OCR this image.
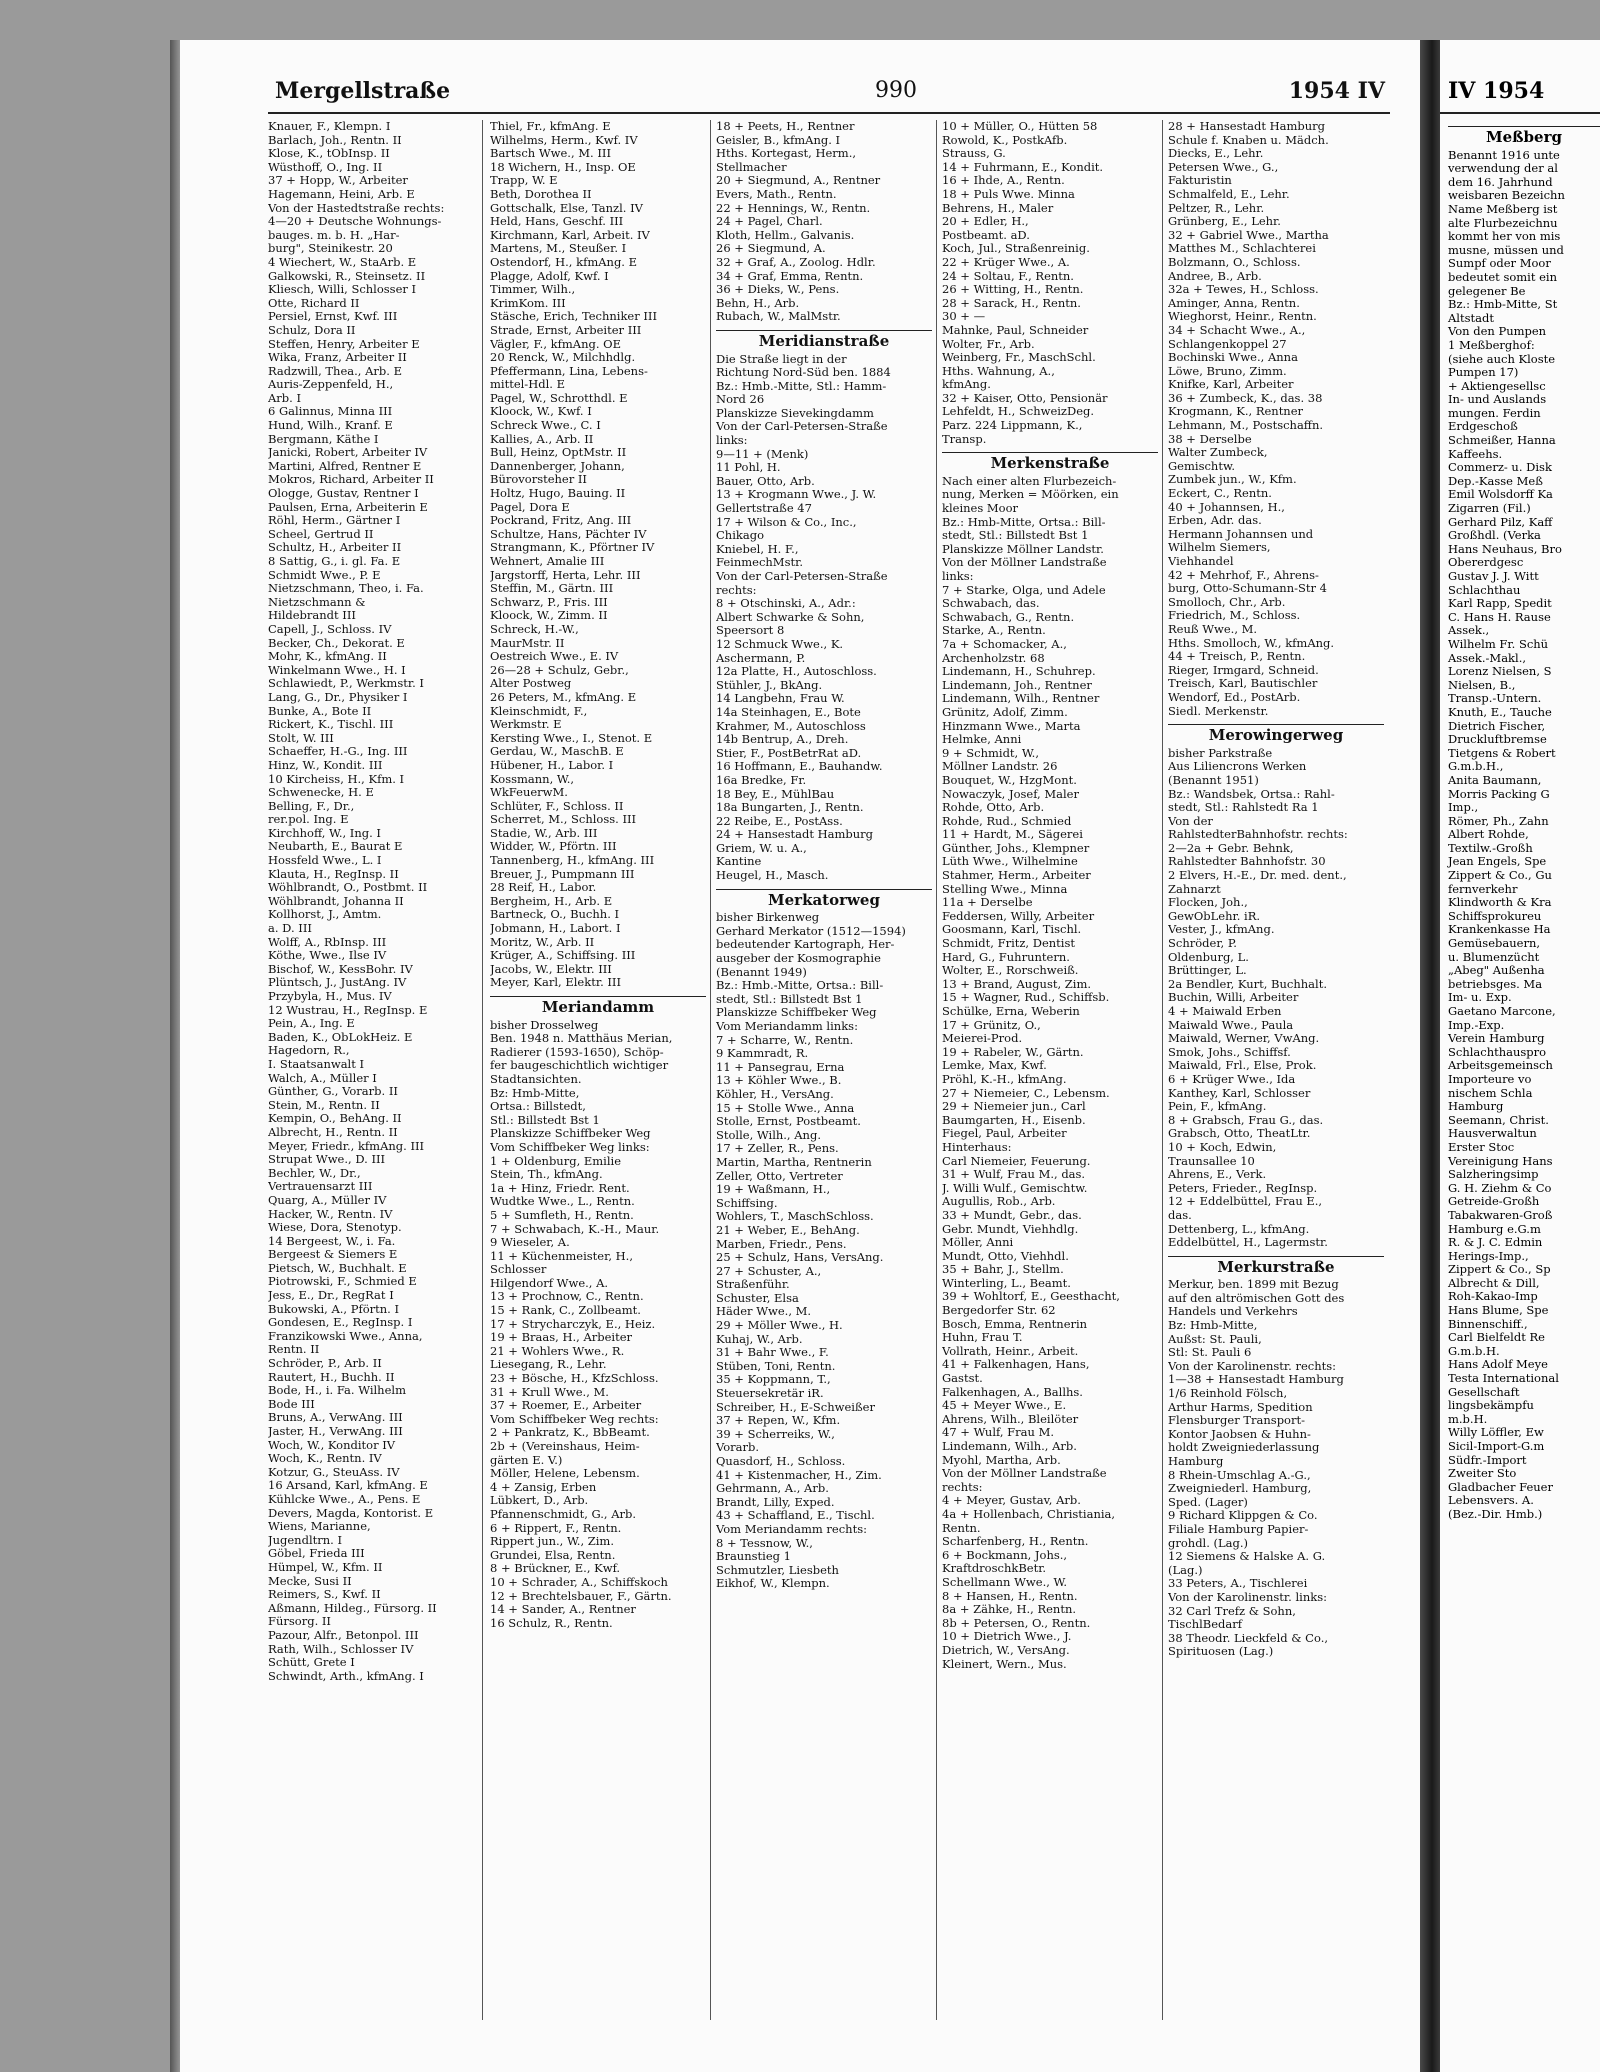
Mergellstraße	990	1954 IV
Knauer, F., Klempn. I
Barlach, Joh., Rentn. II
Klose, K., tObInsp. II
Wüsthoff, O., Ing. II
37 + Hopp, W., Arbeiter
Hagemann, Heini, Arb. E
Von der Hastedtstraße rechts:
4—20 + Deutsche Wohnungs-
bauges. m. b. H. „Har-
burg", Steinikestr. 20
4 Wiechert, W., StaArb. E
Galkowski, R., Steinsetz. II
Kliesch, Willi, Schlosser I
Otte, Richard II
Persiel, Ernst, Kwf. III
Schulz, Dora II
Steffen, Henry, Arbeiter E
Wika, Franz, Arbeiter II
Radzwill, Thea., Arb. E
Auris-Zeppenfeld, H.,
Arb. I
6 Galinnus, Minna III
Hund, Wilh., Kranf. E
Bergmann, Käthe I
Janicki, Robert, Arbeiter IV
Martini, Alfred, Rentner E
Mokros, Richard, Arbeiter II
Ologge, Gustav, Rentner I
Paulsen, Erna, Arbeiterin E
Röhl, Herm., Gärtner I
Scheel, Gertrud II
Schultz, H., Arbeiter II
8 Sattig, G., i. gl. Fa. E
Schmidt Wwe., P. E
Nietzschmann, Theo, i. Fa.
Nietzschmann &
Hildebrandt III
Capell, J., Schloss. IV
Becker, Ch., Dekorat. E
Mohr, K., kfmAng. II
Winkelmann Wwe., H. I
Schlawiedt, P., Werkmstr. I
Lang, G., Dr., Physiker I
Bunke, A., Bote II
Rickert, K., Tischl. III
Stolt, W. III
Schaeffer, H.-G., Ing. III
Hinz, W., Kondit. III
10 Kircheiss, H., Kfm. I
Schwenecke, H. E
Belling, F., Dr.,
rer.pol. Ing. E
Kirchhoff, W., Ing. I
Neubarth, E., Baurat E
Hossfeld Wwe., L. I
Klauta, H., RegInsp. II
Wöhlbrandt, O., Postbmt. II
Wöhlbrandt, Johanna II
Kollhorst, J., Amtm.
a. D. III
Wolff, A., RbInsp. III
Köthe, Wwe., Ilse IV
Bischof, W., KessBohr. IV
Plüntsch, J., JustAng. IV
Przybyla, H., Mus. IV
12 Wustrau, H., RegInsp. E
Pein, A., Ing. E
Baden, K., ObLokHeiz. E
Hagedorn, R.,
I. Staatsanwalt I
Walch, A., Müller I
Günther, G., Vorarb. II
Stein, M., Rentn. II
Kempin, O., BehAng. II
Albrecht, H., Rentn. II
Meyer, Friedr., kfmAng. III
Strupat Wwe., D. III
Bechler, W., Dr.,
Vertrauensarzt III
Quarg, A., Müller IV
Hacker, W., Rentn. IV
Wiese, Dora, Stenotyp.
14 Bergeest, W., i. Fa.
Bergeest & Siemers E
Pietsch, W., Buchhalt. E
Piotrowski, F., Schmied E
Jess, E., Dr., RegRat I
Bukowski, A., Pförtn. I
Gondesen, E., RegInsp. I
Franzikowski Wwe., Anna,
Rentn. II
Schröder, P., Arb. II
Rautert, H., Buchh. II
Bode, H., i. Fa. Wilhelm
Bode III
Bruns, A., VerwAng. III
Jaster, H., VerwAng. III
Woch, W., Konditor IV
Woch, K., Rentn. IV
Kotzur, G., SteuAss. IV
16 Arsand, Karl, kfmAng. E
Kühlcke Wwe., A., Pens. E
Devers, Magda, Kontorist. E
Wiens, Marianne,
Jugendltrn. I
Göbel, Frieda III
Hümpel, W., Kfm. II
Mecke, Susi II
Reimers, S., Kwf. II
Aßmann, Hildeg., Fürsorg. II
Fürsorg. II
Pazour, Alfr., Betonpol. III
Rath, Wilh., Schlosser IV
Schütt, Grete I
Schwindt, Arth., kfmAng. I
Thiel, Fr., kfmAng. E
Wilhelms, Herm., Kwf. IV
Bartsch Wwe., M. III
18 Wichern, H., Insp. OE
Trapp, W. E
Beth, Dorothea II
Gottschalk, Else, Tanzl. IV
Held, Hans, Geschf. III
Kirchmann, Karl, Arbeit. IV
Martens, M., Steußer. I
Ostendorf, H., kfmAng. E
Plagge, Adolf, Kwf. I
Timmer, Wilh.,
KrimKom. III
Stäsche, Erich, Techniker III
Strade, Ernst, Arbeiter III
Vägler, F., kfmAng. OE
20 Renck, W., Milchhdlg.
Pfeffermann, Lina, Lebens-
mittel-Hdl. E
Pagel, W., Schrotthdl. E
Kloock, W., Kwf. I
Schreck Wwe., C. I
Kallies, A., Arb. II
Bull, Heinz, OptMstr. II
Dannenberger, Johann,
Bürovorsteher II
Holtz, Hugo, Bauing. II
Pagel, Dora E
Pockrand, Fritz, Ang. III
Schultze, Hans, Pächter IV
Strangmann, K., Pförtner IV
Wehnert, Amalie III
Jargstorff, Herta, Lehr. III
Steffin, M., Gärtn. III
Schwarz, P., Fris. III
Kloock, W., Zimm. II
Schreck, H.-W.,
MaurMstr. II
Oestreich Wwe., E. IV
26—28 + Schulz, Gebr.,
Alter Postweg
26 Peters, M., kfmAng. E
Kleinschmidt, F.,
Werkmstr. E
Kersting Wwe., I., Stenot. E
Gerdau, W., MaschB. E
Hübener, H., Labor. I
Kossmann, W.,
WkFeuerwM.
Schlüter, F., Schloss. II
Scherret, M., Schloss. III
Stadie, W., Arb. III
Widder, W., Pförtn. III
Tannenberg, H., kfmAng. III
Breuer, J., Pumpmann III
28 Reif, H., Labor.
Bergheim, H., Arb. E
Bartneck, O., Buchh. I
Jobmann, H., Labort. I
Moritz, W., Arb. II
Krüger, A., Schiffsing. III
Jacobs, W., Elektr. III
Meyer, Karl, Elektr. III
Meriandamm
bisher Drosselweg
Ben. 1948 n. Matthäus Merian,
Radierer (1593-1650), Schöp-
fer baugeschichtlich wichtiger
Stadtansichten.
Bz: Hmb-Mitte,
Ortsa.: Billstedt,
Stl.: Billstedt Bst 1
Planskizze Schiffbeker Weg
Vom Schiffbeker Weg links:
1 + Oldenburg, Emilie
Stein, Th., kfmAng.
1a + Hinz, Friedr. Rent.
Wudtke Wwe., L., Rentn.
5 + Sumfleth, H., Rentn.
7 + Schwabach, K.-H., Maur.
9 Wieseler, A.
11 + Küchenmeister, H.,
Schlosser
Hilgendorf Wwe., A.
13 + Prochnow, C., Rentn.
15 + Rank, C., Zollbeamt.
17 + Strycharczyk, E., Heiz.
19 + Braas, H., Arbeiter
21 + Wohlers Wwe., R.
Liesegang, R., Lehr.
23 + Bösche, H., KfzSchloss.
31 + Krull Wwe., M.
37 + Roemer, E., Arbeiter
Vom Schiffbeker Weg rechts:
2 + Pankratz, K., BbBeamt.
2b + (Vereinshaus, Heim-
gärten E. V.)
Möller, Helene, Lebensm.
4 + Zansig, Erben
Lübkert, D., Arb.
Pfannenschmidt, G., Arb.
6 + Rippert, F., Rentn.
Rippert jun., W., Zim.
Grundei, Elsa, Rentn.
8 + Brückner, E., Kwf.
10 + Schrader, A., Schiffskoch
12 + Brechtelsbauer, F., Gärtn.
14 + Sander, A., Rentner
16 Schulz, R., Rentn.
18 + Peets, H., Rentner
Geisler, B., kfmAng. I
Hths. Kortegast, Herm.,
Stellmacher
20 + Siegmund, A., Rentner
Evers, Math., Rentn.
22 + Hennings, W., Rentn.
24 + Pagel, Charl.
Kloth, Hellm., Galvanis.
26 + Siegmund, A.
32 + Graf, A., Zoolog. Hdlr.
34 + Graf, Emma, Rentn.
36 + Dieks, W., Pens.
Behn, H., Arb.
Rubach, W., MalMstr.
Meridianstraße
Die Straße liegt in der
Richtung Nord-Süd ben. 1884
Bz.: Hmb.-Mitte, Stl.: Hamm-
Nord 26
Planskizze Sievekingdamm
Von der Carl-Petersen-Straße
links:
9—11 + (Menk)
11 Pohl, H.
Bauer, Otto, Arb.
13 + Krogmann Wwe., J. W.
Gellertstraße 47
17 + Wilson & Co., Inc.,
Chikago
Kniebel, H. F.,
FeinmechMstr.
Von der Carl-Petersen-Straße
rechts:
8 + Otschinski, A., Adr.:
Albert Schwarke & Sohn,
Speersort 8
12 Schmuck Wwe., K.
Aschermann, P.
12a Platte, H., Autoschloss.
Stühler, J., BkAng.
14 Langbehn, Frau W.
14a Steinhagen, E., Bote
Krahmer, M., Autoschloss
14b Bentrup, A., Dreh.
Stier, F., PostBetrRat aD.
16 Hoffmann, E., Bauhandw.
16a Bredke, Fr.
18 Bey, E., MühlBau
18a Bungarten, J., Rentn.
22 Reibe, E., PostAss.
24 + Hansestadt Hamburg
Griem, W. u. A.,
Kantine
Heugel, H., Masch.
Merkatorweg
bisher Birkenweg
Gerhard Merkator (1512—1594)
bedeutender Kartograph, Her-
ausgeber der Kosmographie
(Benannt 1949)
Bz.: Hmb.-Mitte, Ortsa.: Bill-
stedt, Stl.: Billstedt Bst 1
Planskizze Schiffbeker Weg
Vom Meriandamm links:
7 + Scharre, W., Rentn.
9 Kammradt, R.
11 + Pansegrau, Erna
13 + Köhler Wwe., B.
Köhler, H., VersAng.
15 + Stolle Wwe., Anna
Stolle, Ernst, Postbeamt.
Stolle, Wilh., Ang.
17 + Zeller, R., Pens.
Martin, Martha, Rentnerin
Zeller, Otto, Vertreter
19 + Waßmann, H.,
Schiffsing.
Wohlers, T., MaschSchloss.
21 + Weber, E., BehAng.
Marben, Friedr., Pens.
25 + Schulz, Hans, VersAng.
27 + Schuster, A.,
Straßenführ.
Schuster, Elsa
Häder Wwe., M.
29 + Möller Wwe., H.
Kuhaj, W., Arb.
31 + Bahr Wwe., F.
Stüben, Toni, Rentn.
35 + Koppmann, T.,
Steuersekretär iR.
Schreiber, H., E-Schweißer
37 + Repen, W., Kfm.
39 + Scherreiks, W.,
Vorarb.
Quasdorf, H., Schloss.
41 + Kistenmacher, H., Zim.
Gehrmann, A., Arb.
Brandt, Lilly, Exped.
43 + Schaffland, E., Tischl.
Vom Meriandamm rechts:
8 + Tessnow, W.,
Braunstieg 1
Schmutzler, Liesbeth
Eikhof, W., Klempn.
10 + Müller, O., Hütten 58
Rowold, K., PostkAfb.
Strauss, G.
14 + Fuhrmann, E., Kondit.
16 + Ihde, A., Rentn.
18 + Puls Wwe. Minna
Behrens, H., Maler
20 + Edler, H.,
Postbeamt. aD.
Koch, Jul., Straßenreinig.
22 + Krüger Wwe., A.
24 + Soltau, F., Rentn.
26 + Witting, H., Rentn.
28 + Sarack, H., Rentn.
30 + —
Mahnke, Paul, Schneider
Wolter, Fr., Arb.
Weinberg, Fr., MaschSchl.
Hths. Wahnung, A.,
kfmAng.
32 + Kaiser, Otto, Pensionär
Lehfeldt, H., SchweizDeg.
Parz. 224 Lippmann, K.,
Transp.
Merkenstraße
Nach einer alten Flurbezeich-
nung, Merken = Möörken, ein
kleines Moor
Bz.: Hmb-Mitte, Ortsa.: Bill-
stedt, Stl.: Billstedt Bst 1
Planskizze Möllner Landstr.
Von der Möllner Landstraße
links:
7 + Starke, Olga, und Adele
Schwabach, das.
Schwabach, G., Rentn.
Starke, A., Rentn.
7a + Schomacker, A.,
Archenholzstr. 68
Lindemann, H., Schuhrep.
Lindemann, Joh., Rentner
Lindemann, Wilh., Rentner
Grünitz, Adolf, Zimm.
Hinzmann Wwe., Marta
Helmke, Anni
9 + Schmidt, W.,
Möllner Landstr. 26
Bouquet, W., HzgMont.
Nowaczyk, Josef, Maler
Rohde, Otto, Arb.
Rohde, Rud., Schmied
11 + Hardt, M., Sägerei
Günther, Johs., Klempner
Lüth Wwe., Wilhelmine
Stahmer, Herm., Arbeiter
Stelling Wwe., Minna
11a + Derselbe
Feddersen, Willy, Arbeiter
Goosmann, Karl, Tischl.
Schmidt, Fritz, Dentist
Hard, G., Fuhruntern.
Wolter, E., Rorschweiß.
13 + Brand, August, Zim.
15 + Wagner, Rud., Schiffsb.
Schülke, Erna, Weberin
17 + Grünitz, O.,
Meierei-Prod.
19 + Rabeler, W., Gärtn.
Lemke, Max, Kwf.
Pröhl, K.-H., kfmAng.
27 + Niemeier, C., Lebensm.
29 + Niemeier jun., Carl
Baumgarten, H., Eisenb.
Fiegel, Paul, Arbeiter
Hinterhaus:
Carl Niemeier, Feuerung.
31 + Wulf, Frau M., das.
J. Willi Wulf., Gemischtw.
Augullis, Rob., Arb.
33 + Mundt, Gebr., das.
Gebr. Mundt, Viehhdlg.
Möller, Anni
Mundt, Otto, Viehhdl.
35 + Bahr, J., Stellm.
Winterling, L., Beamt.
39 + Wohltorf, E., Geesthacht,
Bergedorfer Str. 62
Bosch, Emma, Rentnerin
Huhn, Frau T.
Vollrath, Heinr., Arbeit.
41 + Falkenhagen, Hans,
Gastst.
Falkenhagen, A., Ballhs.
45 + Meyer Wwe., E.
Ahrens, Wilh., Bleilöter
47 + Wulf, Frau M.
Lindemann, Wilh., Arb.
Myohl, Martha, Arb.
Von der Möllner Landstraße
rechts:
4 + Meyer, Gustav, Arb.
4a + Hollenbach, Christiania,
Rentn.
Scharfenberg, H., Rentn.
6 + Bockmann, Johs.,
KraftdroschkBetr.
Schellmann Wwe., W.
8 + Hansen, H., Rentn.
8a + Zähke, H., Rentn.
8b + Petersen, O., Rentn.
10 + Dietrich Wwe., J.
Dietrich, W., VersAng.
Kleinert, Wern., Mus.
28 + Hansestadt Hamburg
Schule f. Knaben u. Mädch.
Diecks, E., Lehr.
Petersen Wwe., G.,
Fakturistin
Schmalfeld, E., Lehr.
Peltzer, R., Lehr.
Grünberg, E., Lehr.
32 + Gabriel Wwe., Martha
Matthes M., Schlachterei
Bolzmann, O., Schloss.
Andree, B., Arb.
32a + Tewes, H., Schloss.
Aminger, Anna, Rentn.
Wieghorst, Heinr., Rentn.
34 + Schacht Wwe., A.,
Schlangenkoppel 27
Bochinski Wwe., Anna
Löwe, Bruno, Zimm.
Knifke, Karl, Arbeiter
36 + Zumbeck, K., das. 38
Krogmann, K., Rentner
Lehmann, M., Postschaffn.
38 + Derselbe
Walter Zumbeck,
Gemischtw.
Zumbek jun., W., Kfm.
Eckert, C., Rentn.
40 + Johannsen, H.,
Erben, Adr. das.
Hermann Johannsen und
Wilhelm Siemers,
Viehhandel
42 + Mehrhof, F., Ahrens-
burg, Otto-Schumann-Str 4
Smolloch, Chr., Arb.
Friedrich, M., Schloss.
Reuß Wwe., M.
Hths. Smolloch, W., kfmAng.
44 + Treisch, P., Rentn.
Rieger, Irmgard, Schneid.
Treisch, Karl, Bautischler
Wendorf, Ed., PostArb.
Siedl. Merkenstr.
Merowingerweg
bisher Parkstraße
Aus Liliencrons Werken
(Benannt 1951)
Bz.: Wandsbek, Ortsa.: Rahl-
stedt, Stl.: Rahlstedt Ra 1
Von der
RahlstedterBahnhofstr. rechts:
2—2a + Gebr. Behnk,
Rahlstedter Bahnhofstr. 30
2 Elvers, H.-E., Dr. med. dent.,
Zahnarzt
Flocken, Joh.,
GewObLehr. iR.
Vester, J., kfmAng.
Schröder, P.
Oldenburg, L.
Brüttinger, L.
2a Bendler, Kurt, Buchhalt.
Buchin, Willi, Arbeiter
4 + Maiwald Erben
Maiwald Wwe., Paula
Maiwald, Werner, VwAng.
Smok, Johs., Schiffsf.
Maiwald, Frl., Else, Prok.
6 + Krüger Wwe., Ida
Kanthey, Karl, Schlosser
Pein, F., kfmAng.
8 + Grabsch, Frau G., das.
Grabsch, Otto, TheatLtr.
10 + Koch, Edwin,
Traunsallee 10
Ahrens, E., Verk.
Peters, Frieder., RegInsp.
12 + Eddelbüttel, Frau E.,
das.
Dettenberg, L., kfmAng.
Eddelbüttel, H., Lagermstr.
Merkurstraße
Merkur, ben. 1899 mit Bezug
auf den altrömischen Gott des
Handels und Verkehrs
Bz: Hmb-Mitte,
Außst: St. Pauli,
Stl: St. Pauli 6
Von der Karolinenstr. rechts:
1—38 + Hansestadt Hamburg
1/6 Reinhold Fölsch,
Arthur Harms, Spedition
Flensburger Transport-
Kontor Jaobsen & Huhn-
holdt Zweigniederlassung
Hamburg
8 Rhein-Umschlag A.-G.,
Zweigniederl. Hamburg,
Sped. (Lager)
9 Richard Klippgen & Co.
Filiale Hamburg Papier-
grohdl. (Lag.)
12 Siemens & Halske A. G.
(Lag.)
33 Peters, A., Tischlerei
Von der Karolinenstr. links:
32 Carl Trefz & Sohn,
TischlBedarf
38 Theodr. Lieckfeld & Co.,
Spirituosen (Lag.)
IV 1954
Meßberg
Benannt 1916 unte
verwendung der al
dem 16. Jahrhund
weisbaren Bezeichn
Name Meßberg ist
alte Flurbezeichnu
kommt her von mis
musne, müssen und
Sumpf oder Moor
bedeutet somit ein
gelegener Be
Bz.: Hmb-Mitte, St
Altstadt
Von den Pumpen
1 Meßberghof:
(siehe auch Kloste
Pumpen 17)
+ Aktiengesellsc
In- und Auslands
mungen. Ferdin
Erdgeschoß
Schmeißer, Hanna
Kaffeehs.
Commerz- u. Disk
Dep.-Kasse Meß
Emil Wolsdorff Ka
Zigarren (Fil.)
Gerhard Pilz, Kaff
Großhdl. (Verka
Hans Neuhaus, Bro
Obererdgesc
Gustav J. J. Witt
Schlachthau
Karl Rapp, Spedit
C. Hans H. Rause
Assek.,
Wilhelm Fr. Schü
Assek.-Makl.,
Lorenz Nielsen, S
Nielsen, B.,
Transp.-Untern.
Knuth, E., Tauche
Dietrich Fischer,
Druckluftbremse
Tietgens & Robert
G.m.b.H.,
Anita Baumann,
Morris Packing G
Imp.,
Römer, Ph., Zahn
Albert Rohde,
Textilw.-Großh
Jean Engels, Spe
Zippert & Co., Gu
fernverkehr
Klindworth & Kra
Schiffsprokureu
Krankenkasse Ha
Gemüsebauern,
u. Blumenzücht
„Abeg" Außenha
betriebsges. Ma
Im- u. Exp.
Gaetano Marcone,
Imp.-Exp.
Verein Hamburg
Schlachthauspro
Arbeitsgemeinsch
Importeure vo
nischem Schla
Hamburg
Seemann, Christ.
Hausverwaltun
Erster Stoc
Vereinigung Hans
Salzheringsimp
G. H. Ziehm & Co
Getreide-Großh
Tabakwaren-Groß
Hamburg e.G.m
R. & J. C. Edmin
Herings-Imp.,
Zippert & Co., Sp
Albrecht & Dill,
Roh-Kakao-Imp
Hans Blume, Spe
Binnenschiff.,
Carl Bielfeldt Re
G.m.b.H.
Hans Adolf Meye
Testa International
Gesellschaft
lingsbekämpfu
m.b.H.
Willy Löffler, Ew
Sicil-Import-G.m
Südfr.-Import
Zweiter Sto
Gladbacher Feuer
Lebensvers. A.
(Bez.-Dir. Hmb.)
